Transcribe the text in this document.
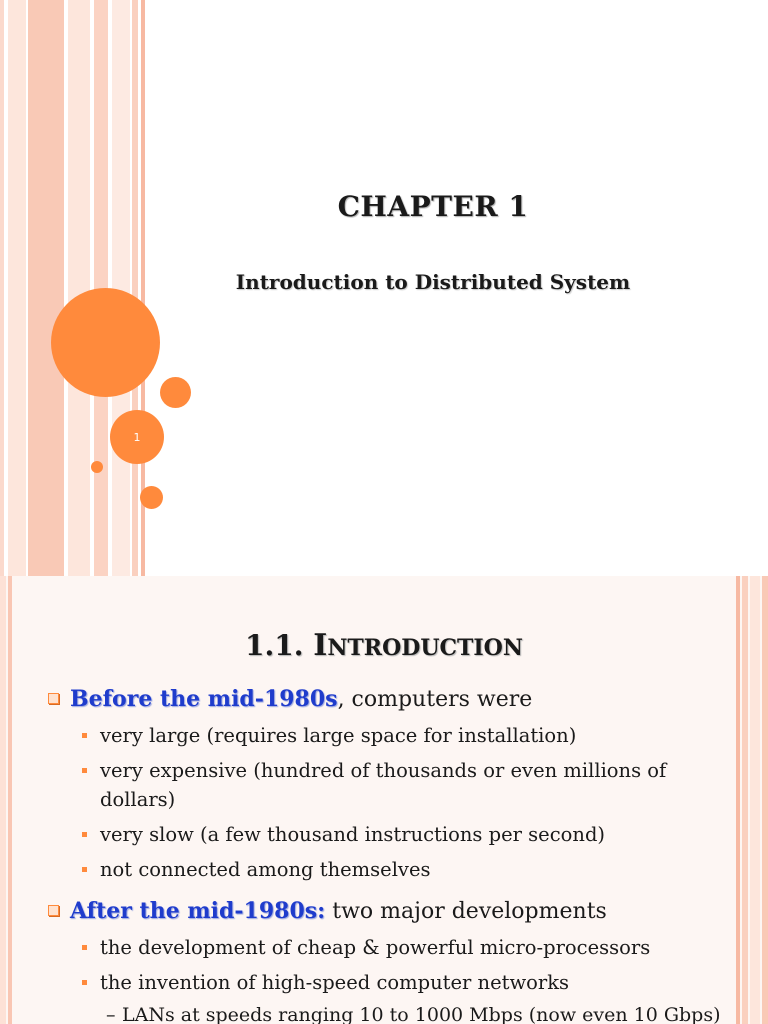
1
CHAPTER 1
Introduction to Distributed System
1.1. INTRODUCTION
Before the mid-1980s, computers were
very large (requires large space for installation)
very expensive (hundred of thousands or even millions of dollars)
very slow (a few thousand instructions per second)
not connected among themselves
After the mid-1980s: two major developments
the development of cheap & powerful micro-processors
the invention of high-speed computer networks
– LANs at speeds ranging 10 to 1000 Mbps (now even 10 Gbps)
